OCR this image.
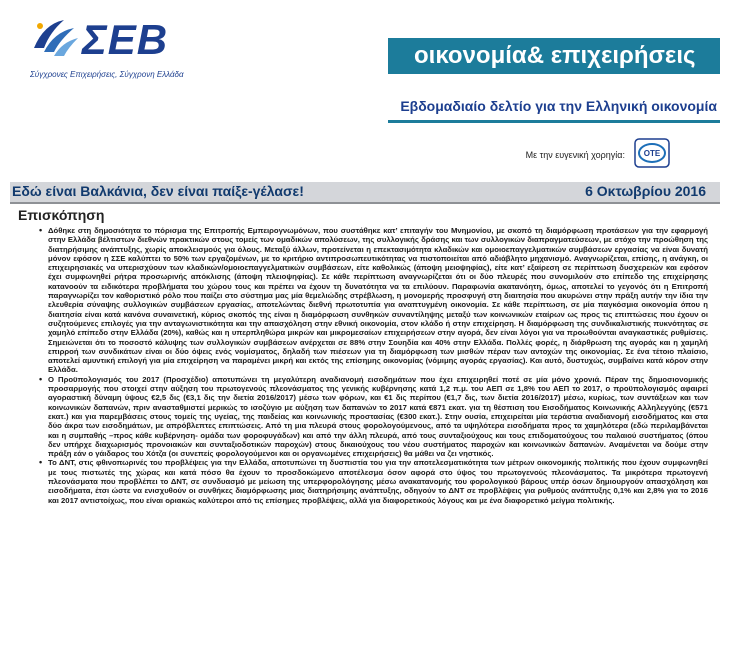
ΣΕΒ
Σύγχρονες Επιχειρήσεις, Σύγχρονη Ελλάδα
οικονομία& επιχειρήσεις
Εβδομαδιαίο δελτίο για την Ελληνική οικονομία
Με την ευγενική χορηγία: ΟΤΕ
Εδώ είναι Βαλκάνια, δεν είναι παίξε-γέλασε!	6 Οκτωβρίου 2016
Επισκόπηση

• Δόθηκε στη δημοσιότητα το πόρισμα της Επιτροπής Εμπειρογνωμόνων, που συστάθηκε κατ’ επιταγήν του Μνημονίου, με σκοπό τη διαμόρφωση προτάσεων για την εφαρμογή στην Ελλάδα βέλτιστων διεθνών πρακτικών στους τομείς των ομαδικών απολύσεων, της συλλογικής δράσης και των συλλογικών διαπραγματεύσεων, με στόχο την προώθηση της διατηρήσιμης ανάπτυξης, χωρίς αποκλεισμούς για όλους. Μεταξύ άλλων, προτείνεται η επεκτασιμότητα κλαδικών και ομοιοεπαγγελματικών συμβάσεων εργασίας να είναι δυνατή μόνον εφόσον η ΣΣΕ καλύπτει το 50% των εργαζομένων, με το κριτήριο αντιπροσωπευτικότητας να πιστοποιείται από αδιάβλητο μηχανισμό. Αναγνωρίζεται, επίσης, η ανάγκη, οι επιχειρησιακές να υπερισχύουν των κλαδικών/ομοιοεπαγγελματικών συμβάσεων, είτε καθολικώς (άποψη μειοψηφίας), είτε κατ’ εξαίρεση σε περίπτωση δυσχερειών και εφόσον έχει συμφωνηθεί ρήτρα προσωρινής απόκλισης (άποψη πλειοψηφίας). Σε κάθε περίπτωση αναγνωρίζεται ότι οι δύο πλευρές που συνομιλούν στο επίπεδο της επιχείρησης κατανοούν τα ειδικότερα προβλήματα του χώρου τους και πρέπει να έχουν τη δυνατότητα να τα επιλύουν. Παραφωνία ακατανόητη, όμως, αποτελεί το γεγονός ότι η Επιτροπή παραγνωρίζει τον καθοριστικό ρόλο που παίζει στο σύστημα μας μία θεμελιώδης στρέβλωση, η μονομερής προσφυγή στη διαιτησία που ακυρώνει στην πράξη αυτήν την ίδια την ελευθερία σύναψης συλλογικών συμβάσεων εργασίας, αποτελώντας διεθνή πρωτοτυπία για αναπτυγμένη οικονομία. Σε κάθε περίπτωση, σε μία παγκόσμια οικονομία όπου η διαιτησία είναι κατά κανόνα συναινετική, κύριος σκοπός της είναι η διαμόρφωση συνθηκών συναντίληψης μεταξύ των κοινωνικών εταίρων ως προς τις επιπτώσεις που έχουν οι συζητούμενες επιλογές για την ανταγωνιστικότητα και την απασχόληση στην εθνική οικονομία, στον κλάδο ή στην επιχείρηση. Η διαμόρφωση της συνδικαλιστικής πυκνότητας σε χαμηλό επίπεδο στην Ελλάδα (20%), καθώς και η υπερπληθώρα μικρών και μικρομεσαίων επιχειρήσεων στην αγορά, δεν είναι λόγοι για να προωθούνται αναγκαστικές ρυθμίσεις. Σημειώνεται ότι το ποσοστό κάλυψης των συλλογικών συμβάσεων ανέρχεται σε 88% στην Σουηδία και 40% στην Ελλάδα. Πολλές φορές, η διάρθρωση της αγοράς και η χαμηλή επιρροή των συνδικάτων είναι οι δύο όψεις ενός νομίσματος, δηλαδή των πιέσεων για τη διαμόρφωση των μισθών πέραν των αντοχών της οικονομίας. Σε ένα τέτοιο πλαίσιο, αποτελεί αμυντική επιλογή για μία επιχείρηση να παραμένει μικρή και εκτός της επίσημης οικονομίας (νόμιμης αγοράς εργασίας). Και αυτό, δυστυχώς, συμβαίνει κατά κόρον στην Ελλάδα.

• Ο Προϋπολογισμός του 2017 (Προσχέδιο) αποτυπώνει τη μεγαλύτερη αναδιανομή εισοδημάτων που έχει επιχειρηθεί ποτέ σε μία μόνο χρονιά. Πέραν της δημοσιονομικής προσαρμογής που στοιχεί στην αύξηση του πρωτογενούς πλεονάσματος της γενικής κυβέρνησης κατά 1,2 π.μ. του ΑΕΠ σε 1,8% του ΑΕΠ το 2017, ο προϋπολογισμός αφαιρεί αγοραστική δύναμη ύψους €2,5 δις (€3,1 δις την διετία 2016/2017) μέσω των φόρων, και €1 δις περίπου (€1,7 δις, των διετία 2016/2017) μέσω, κυρίως, των συντάξεων και των κοινωνικών δαπανών, πριν ανασταθμιστεί μερικώς το ισοζύγιο με αύξηση των δαπανών το 2017 κατά €871 εκατ. για τη θέσπιση του Εισοδήματος Κοινωνικής Αλληλεγγύης (€571 εκατ.) και για παρεμβάσεις στους τομείς της υγείας, της παιδείας και κοινωνικής προστασίας (€300 εκατ.). Στην ουσία, επιχειρείται μία τεράστια αναδιανομή εισοδήματος και στα δύο άκρα των εισοδημάτων, με απρόβλεπτες επιπτώσεις. Από τη μια πλευρά στους φορολογούμενους, από τα υψηλότερα εισοδήματα προς τα χαμηλότερα (εδώ περιλαμβάνεται και η συμπαθής –προς κάθε κυβέρνηση- ομάδα των φοροφυγάδων) και από την άλλη πλευρά, από τους συνταξιούχους και τους επιδοματούχους του παλαιού συστήματος (όπου δεν υπήρχε διαχωρισμός προνοιακών και συνταξιοδοτικών παροχών) στους δικαιούχους του νέου συστήματος παροχών και κοινωνικών δαπανών. Αναμένεται να δούμε στην πράξη εάν ο γάιδαρος του Χότζα (οι συνεπείς φορολογούμενοι και οι οργανωμένες επιχειρήσεις) θα μάθει να ζει νηστικός.

• Το ΔΝΤ, στις φθινοπωρινές του προβλέψεις για την Ελλάδα, αποτυπώνει τη δυσπιστία του για την αποτελεσματικότητα των μέτρων οικονομικής πολιτικής που έχουν συμφωνηθεί με τους πιστωτές της χώρας και κατά πόσο θα έχουν το προσδοκώμενο αποτέλεσμα όσον αφορά στο ύψος του πρωτογενούς πλεονάσματος. Τα μικρότερα πρωτογενή πλεονάσματα που προβλέπει το ΔΝΤ, σε συνδυασμό με μείωση της υπερφορολόγησης μέσω ανακατανομής του φορολογικού βάρους υπέρ όσων δημιουργούν απασχόληση και εισοδήματα, έτσι ώστε να ενισχυθούν οι συνθήκες διαμόρφωσης μιας διατηρήσιμης ανάπτυξης, οδηγούν το ΔΝΤ σε προβλέψεις για ρυθμούς ανάπτυξης 0,1% και 2,8% για το 2016 και 2017 αντιστοίχως, που είναι οριακώς καλύτεροι από τις επίσημες προβλέψεις, αλλά για διαφορετικούς λόγους και με ένα διαφορετικό μείγμα πολιτικής.
